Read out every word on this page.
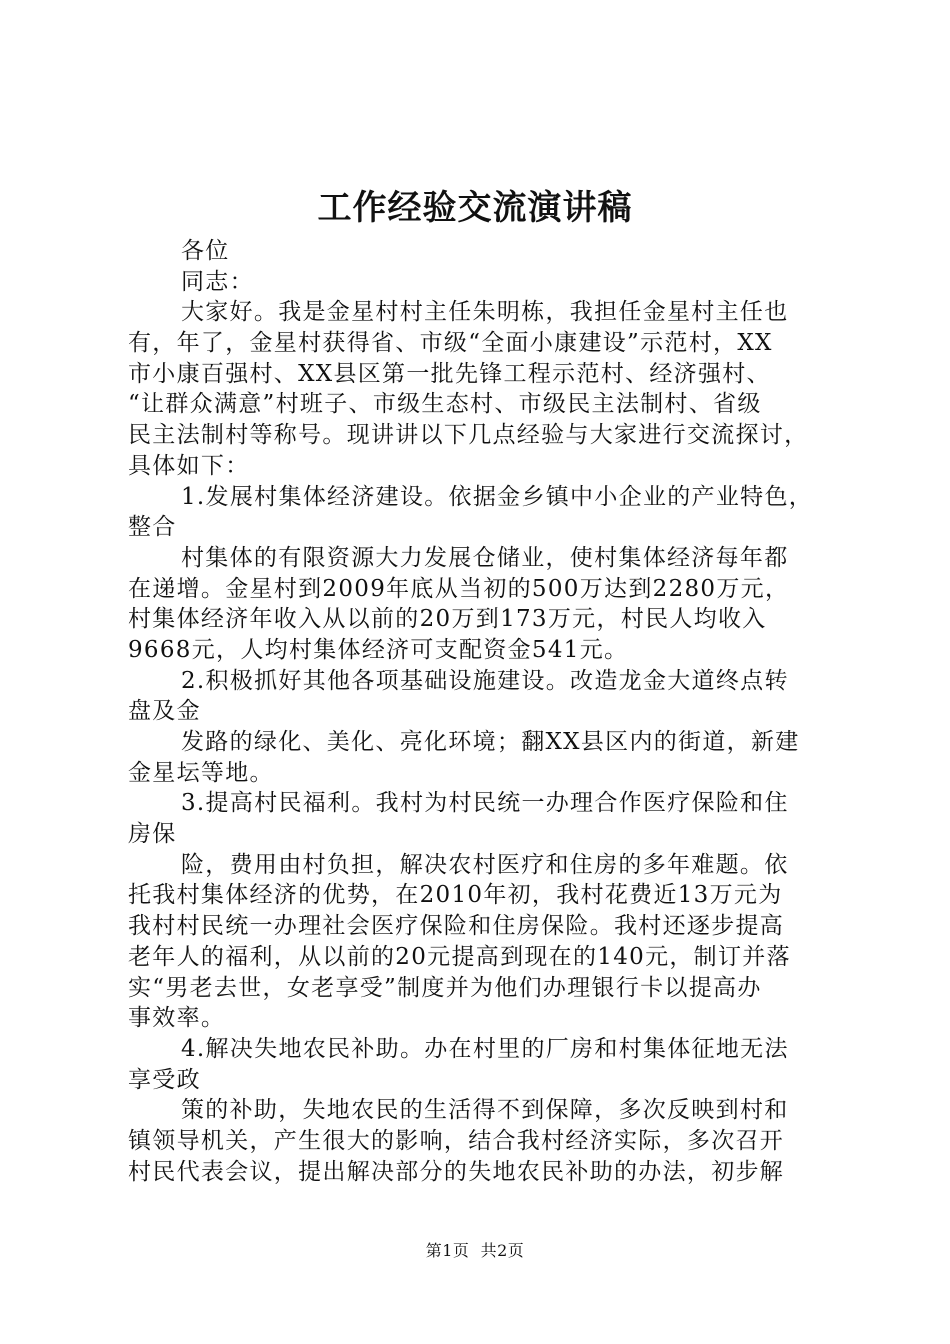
工作经验交流演讲稿
各位
同志：
大家好。我是金星村村主任朱明栋，我担任金星村主任也
有，年了，金星村获得省、市级“全面小康建设”示范村，XX
市小康百强村、XX县区第一批先锋工程示范村、经济强村、
“让群众满意”村班子、市级生态村、市级民主法制村、省级
民主法制村等称号。现讲讲以下几点经验与大家进行交流探讨，
具体如下：
1.发展村集体经济建设。依据金乡镇中小企业的产业特色，
整合
村集体的有限资源大力发展仓储业，使村集体经济每年都
在递增。金星村到2009年底从当初的500万达到2280万元，
村集体经济年收入从以前的20万到173万元，村民人均收入
9668元，人均村集体经济可支配资金541元。
2.积极抓好其他各项基础设施建设。改造龙金大道终点转
盘及金
发路的绿化、美化、亮化环境；翻XX县区内的街道，新建
金星坛等地。
3.提高村民福利。我村为村民统一办理合作医疗保险和住
房保
险，费用由村负担，解决农村医疗和住房的多年难题。依
托我村集体经济的优势，在2010年初，我村花费近13万元为
我村村民统一办理社会医疗保险和住房保险。我村还逐步提高
老年人的福利，从以前的20元提高到现在的140元，制订并落
实“男老去世，女老享受”制度并为他们办理银行卡以提高办
事效率。
4.解决失地农民补助。办在村里的厂房和村集体征地无法
享受政
策的补助，失地农民的生活得不到保障，多次反映到村和
镇领导机关，产生很大的影响，结合我村经济实际，多次召开
村民代表会议，提出解决部分的失地农民补助的办法，初步解
第1页 共2页
